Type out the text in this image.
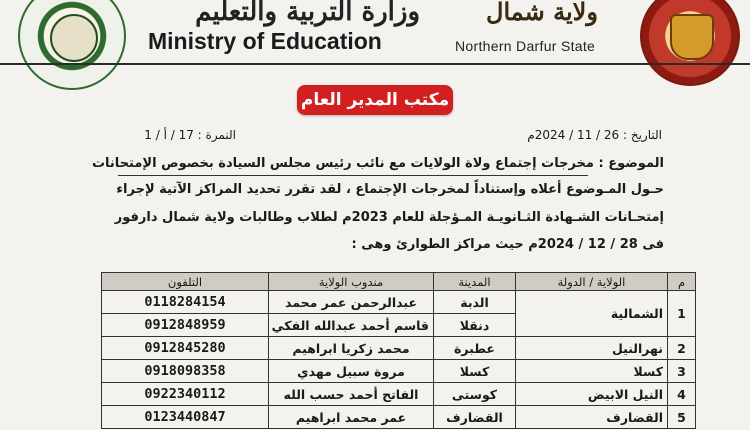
وزارة التربية والتعليم
Ministry of Education
ولاية شمال
Northern Darfur State
مكتب المدير العام
التاريخ : 26 / 11 / 2024م
النمرة : 17 / أ / 1
الموضوع : مخرجات إجتماع ولاة الولايات مع نائب رئيس مجلس السيادة بخصوص الإمتحانات
حـول المـوضوع أعلاه وإستناداً لمخرجات الإجتماع ، لقد تقرر تحديد المراكز الآتية لإجراء
إمتحـانات الشـهادة الثـانويـة المـؤجلة للعام 2023م لطلاب وطالبات ولاية شمال دارفور
فى 28 / 12 / 2024م حيث مراكز الطوارئ وهى :
م	الولاية / الدولة	المدينة	مندوب الولاية	التلفون
1	الشمالية	الدبة	عبدالرحمن عمر محمد	0118284154
		دنقلا	قاسم أحمد عبدالله الفكي	0912848959
2	نهرالنيل	عطبرة	محمد زكريا ابراهيم	0912845280
3	كسلا	كسلا	مروة سبيل مهدي	0918098358
4	النيل الابيض	كوستى	الفاتح أحمد حسب الله	0922340112
5	القضارف	القضارف	عمر محمد ابراهيم	0123440847
